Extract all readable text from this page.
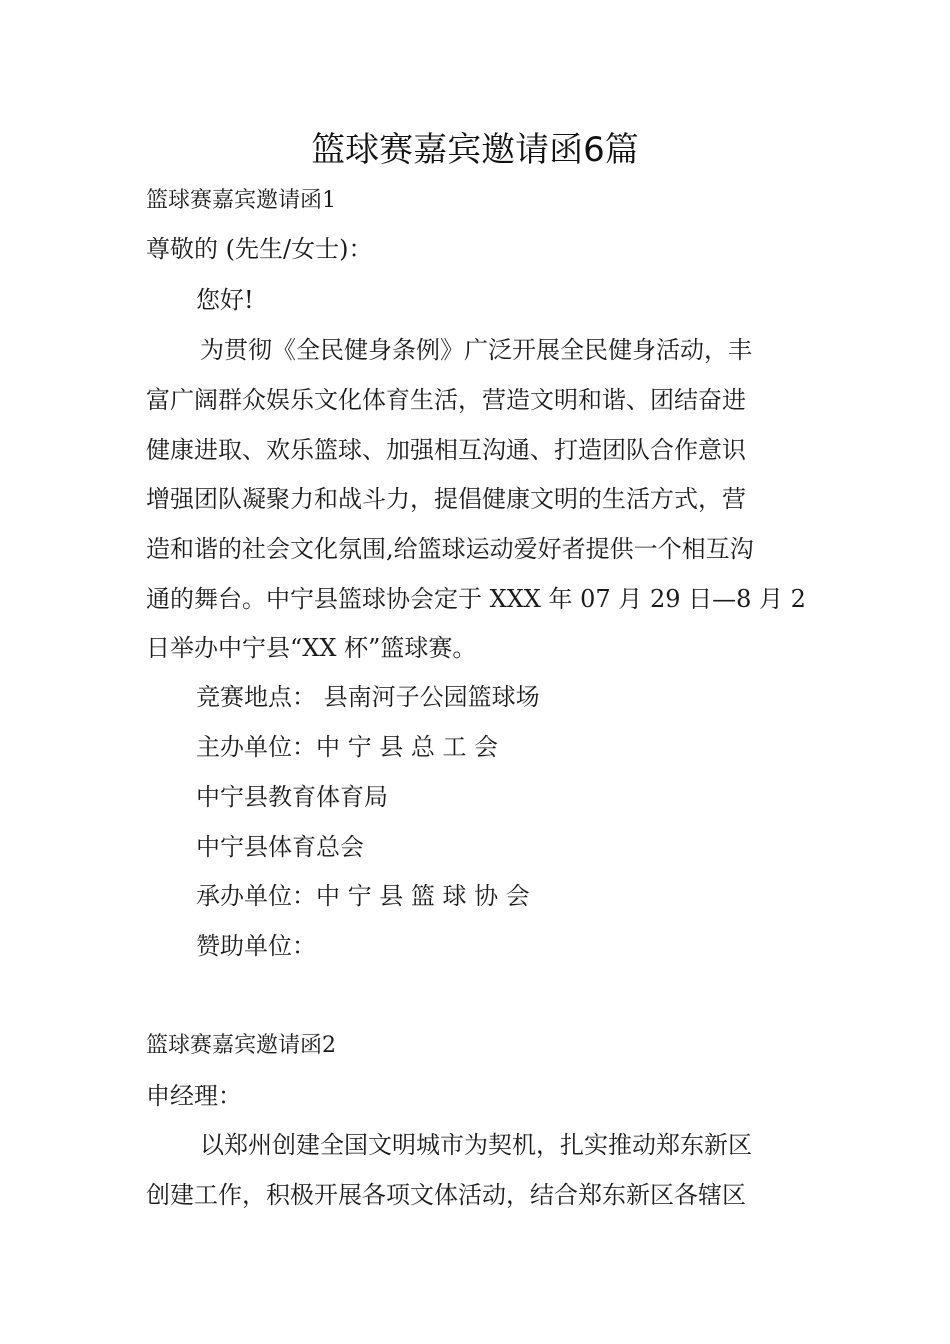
篮球赛嘉宾邀请函6篇
篮球赛嘉宾邀请函1
尊敬的 (先生/女士)：
您好!
为贯彻《全民健身条例》广泛开展全民健身活动，丰
富广阔群众娱乐文化体育生活，营造文明和谐、团结奋进
健康进取、欢乐篮球、加强相互沟通、打造团队合作意识
增强团队凝聚力和战斗力，提倡健康文明的生活方式，营
造和谐的社会文化氛围,给篮球运动爱好者提供一个相互沟
通的舞台。中宁县篮球协会定于 XXX 年 07 月 29 日—8 月 2
日举办中宁县“XX 杯”篮球赛。
竞赛地点： 县南河子公园篮球场
主办单位：中 宁 县 总 工 会
中宁县教育体育局
中宁县体育总会
承办单位：中 宁 县 篮 球 协 会
赞助单位：
篮球赛嘉宾邀请函2
申经理：
以郑州创建全国文明城市为契机，扎实推动郑东新区
创建工作，积极开展各项文体活动，结合郑东新区各辖区
